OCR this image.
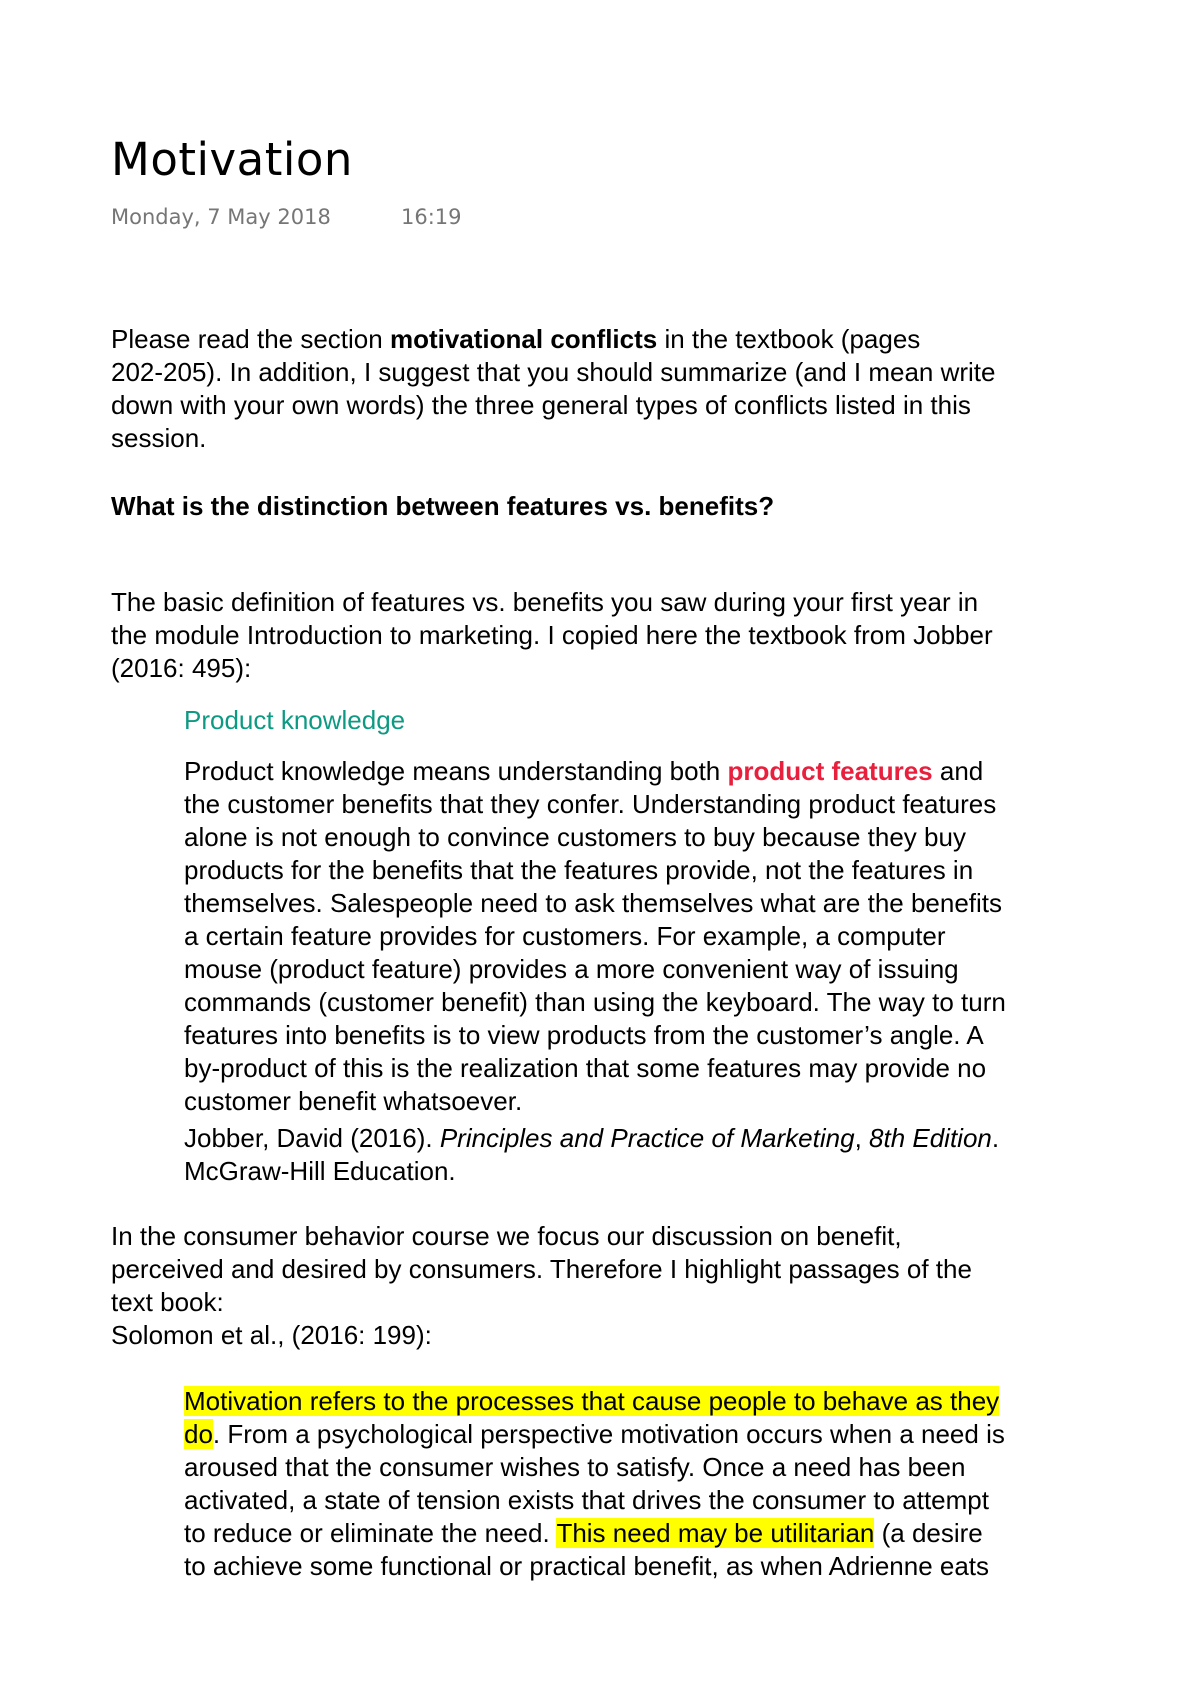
Motivation
Monday, 7 May 2018	16:19
Please read the section motivational conflicts in the textbook (pages
202-205). In addition, I suggest that you should summarize (and I mean write
down with your own words) the three general types of conflicts listed in this
session.
What is the distinction between features vs. benefits?
The basic definition of features vs. benefits you saw during your first year in
the module Introduction to marketing. I copied here the textbook from Jobber
(2016: 495):
Product knowledge
Product knowledge means understanding both product features and
the customer benefits that they confer. Understanding product features
alone is not enough to convince customers to buy because they buy
products for the benefits that the features provide, not the features in
themselves. Salespeople need to ask themselves what are the benefits
a certain feature provides for customers. For example, a computer
mouse (product feature) provides a more convenient way of issuing
commands (customer benefit) than using the keyboard. The way to turn
features into benefits is to view products from the customer’s angle. A
by-product of this is the realization that some features may provide no
customer benefit whatsoever.
Jobber, David (2016). Principles and Practice of Marketing, 8th Edition.
McGraw-Hill Education.
In the consumer behavior course we focus our discussion on benefit,
perceived and desired by consumers. Therefore I highlight passages of the
text book:
Solomon et al., (2016: 199):
Motivation refers to the processes that cause people to behave as they
do. From a psychological perspective motivation occurs when a need is
aroused that the consumer wishes to satisfy. Once a need has been
activated, a state of tension exists that drives the consumer to attempt
to reduce or eliminate the need. This need may be utilitarian (a desire
to achieve some functional or practical benefit, as when Adrienne eats
